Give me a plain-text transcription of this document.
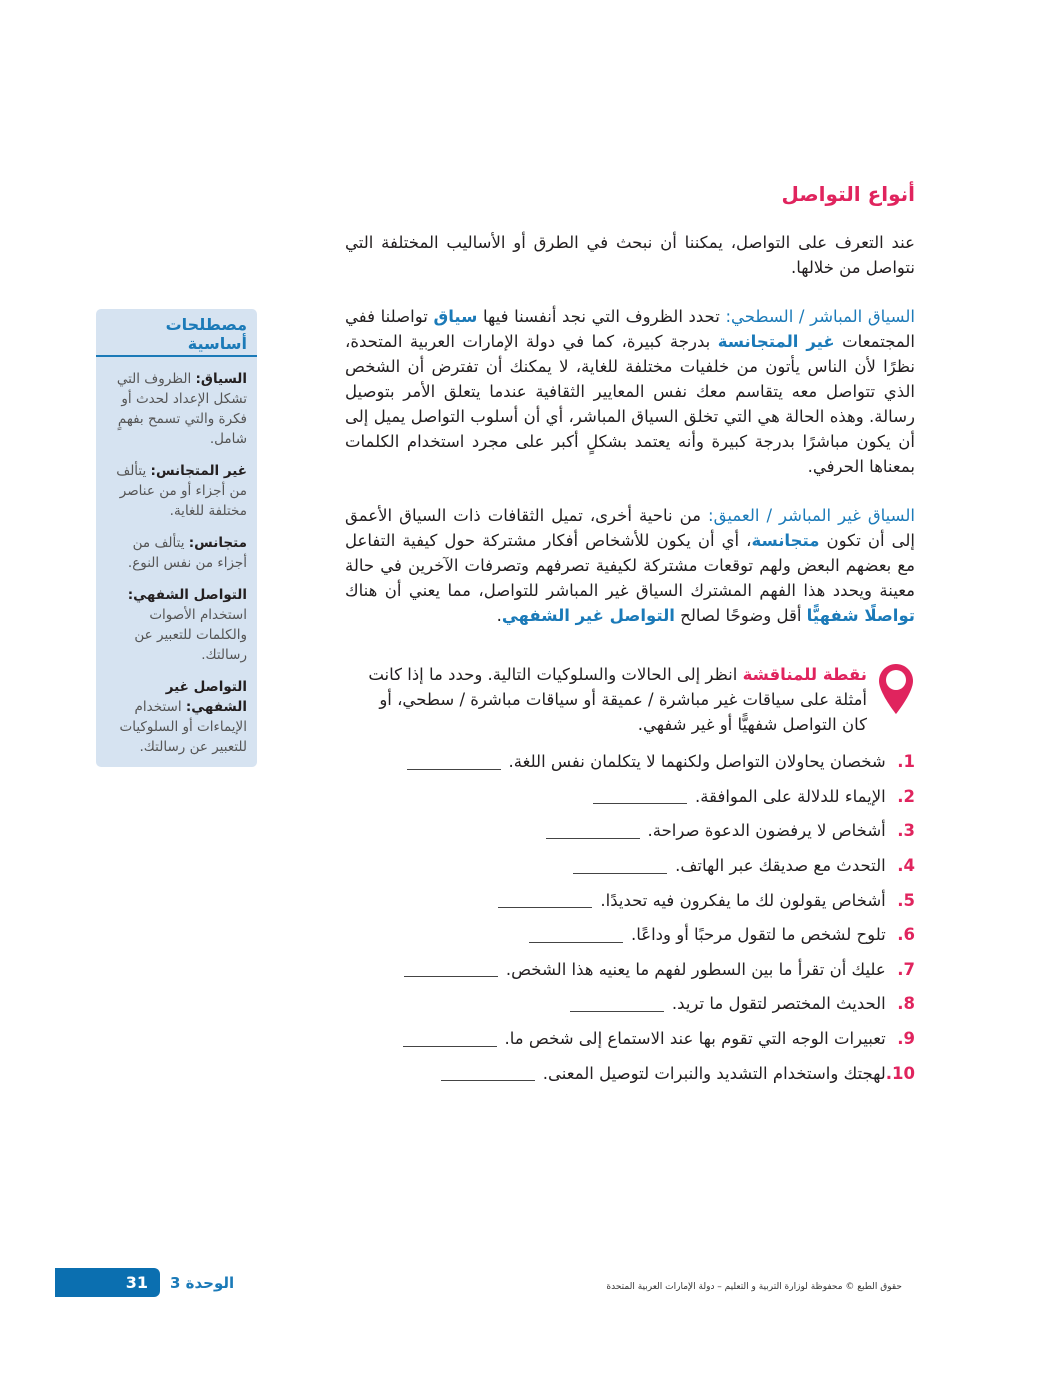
أنواع التواصل
عند التعرف على التواصل، يمكننا أن نبحث في الطرق أو الأساليب المختلفة التي نتواصل من خلالها.
السياق المباشر / السطحي: تحدد الظروف التي نجد أنفسنا فيها سياق تواصلنا ففي المجتمعات غير المتجانسة بدرجة كبيرة، كما في دولة الإمارات العربية المتحدة، نظرًا لأن الناس يأتون من خلفيات مختلفة للغاية، لا يمكنك أن تفترض أن الشخص الذي تتواصل معه يتقاسم معك نفس المعايير الثقافية عندما يتعلق الأمر بتوصيل رسالة. وهذه الحالة هي التي تخلق السياق المباشر، أي أن أسلوب التواصل يميل إلى أن يكون مباشرًا بدرجة كبيرة وأنه يعتمد بشكلٍ أكبر على مجرد استخدام الكلمات بمعناها الحرفي.
السياق غير المباشر / العميق: من ناحية أخرى، تميل الثقافات ذات السياق الأعمق إلى أن تكون متجانسة، أي أن يكون للأشخاص أفكار مشتركة حول كيفية التفاعل مع بعضهم البعض ولهم توقعات مشتركة لكيفية تصرفهم وتصرفات الآخرين في حالة معينة ويحدد هذا الفهم المشترك السياق غير المباشر للتواصل، مما يعني أن هناك تواصلًا شفهيًّا أقل وضوحًا لصالح التواصل غير الشفهي.
نقطة للمناقشة انظر إلى الحالات والسلوكيات التالية. وحدد ما إذا كانت أمثلة على سياقات غير مباشرة / عميقة أو سياقات مباشرة / سطحي، أو كان التواصل شفهيًّا أو غير شفهي.
1.

شخصان يحاولان التواصل ولكنهما لا يتكلمان نفس اللغة.
2.

الإيماء للدلالة على الموافقة.
3.

أشخاص لا يرفضون الدعوة صراحة.
4.

التحدث مع صديقك عبر الهاتف.
5.

أشخاص يقولون لك ما يفكرون فيه تحديدًا.
6.

تلوح لشخص ما لتقول مرحبًا أو وداعًا.
7.

عليك أن تقرأ ما بين السطور لفهم ما يعنيه هذا الشخص.
8.

الحديث المختصر لتقول ما تريد.
9.

تعبيرات الوجه التي تقوم بها عند الاستماع إلى شخص ما.
10.

لهجتك واستخدام التشديد والنبرات لتوصيل المعنى.
مصطلحات أساسية
السياق: الظروف التي تشكل الإعداد لحدث أو فكرة والتي تسمح بفهمٍ شامل.
غير المتجانس: يتألف من أجزاء أو من عناصر مختلفة للغاية.
متجانس: يتألف من أجزاء من نفس النوع.
التواصل الشفهي: استخدام الأصوات والكلمات للتعبير عن رسالتك.
التواصل غير الشفهي: استخدام الإيماءات أو السلوكيات للتعبير عن رسالتك.
31	الوحدة 3	حقوق الطبع © محفوظة لوزارة التربية و التعليم – دولة الإمارات العربية المتحدة
